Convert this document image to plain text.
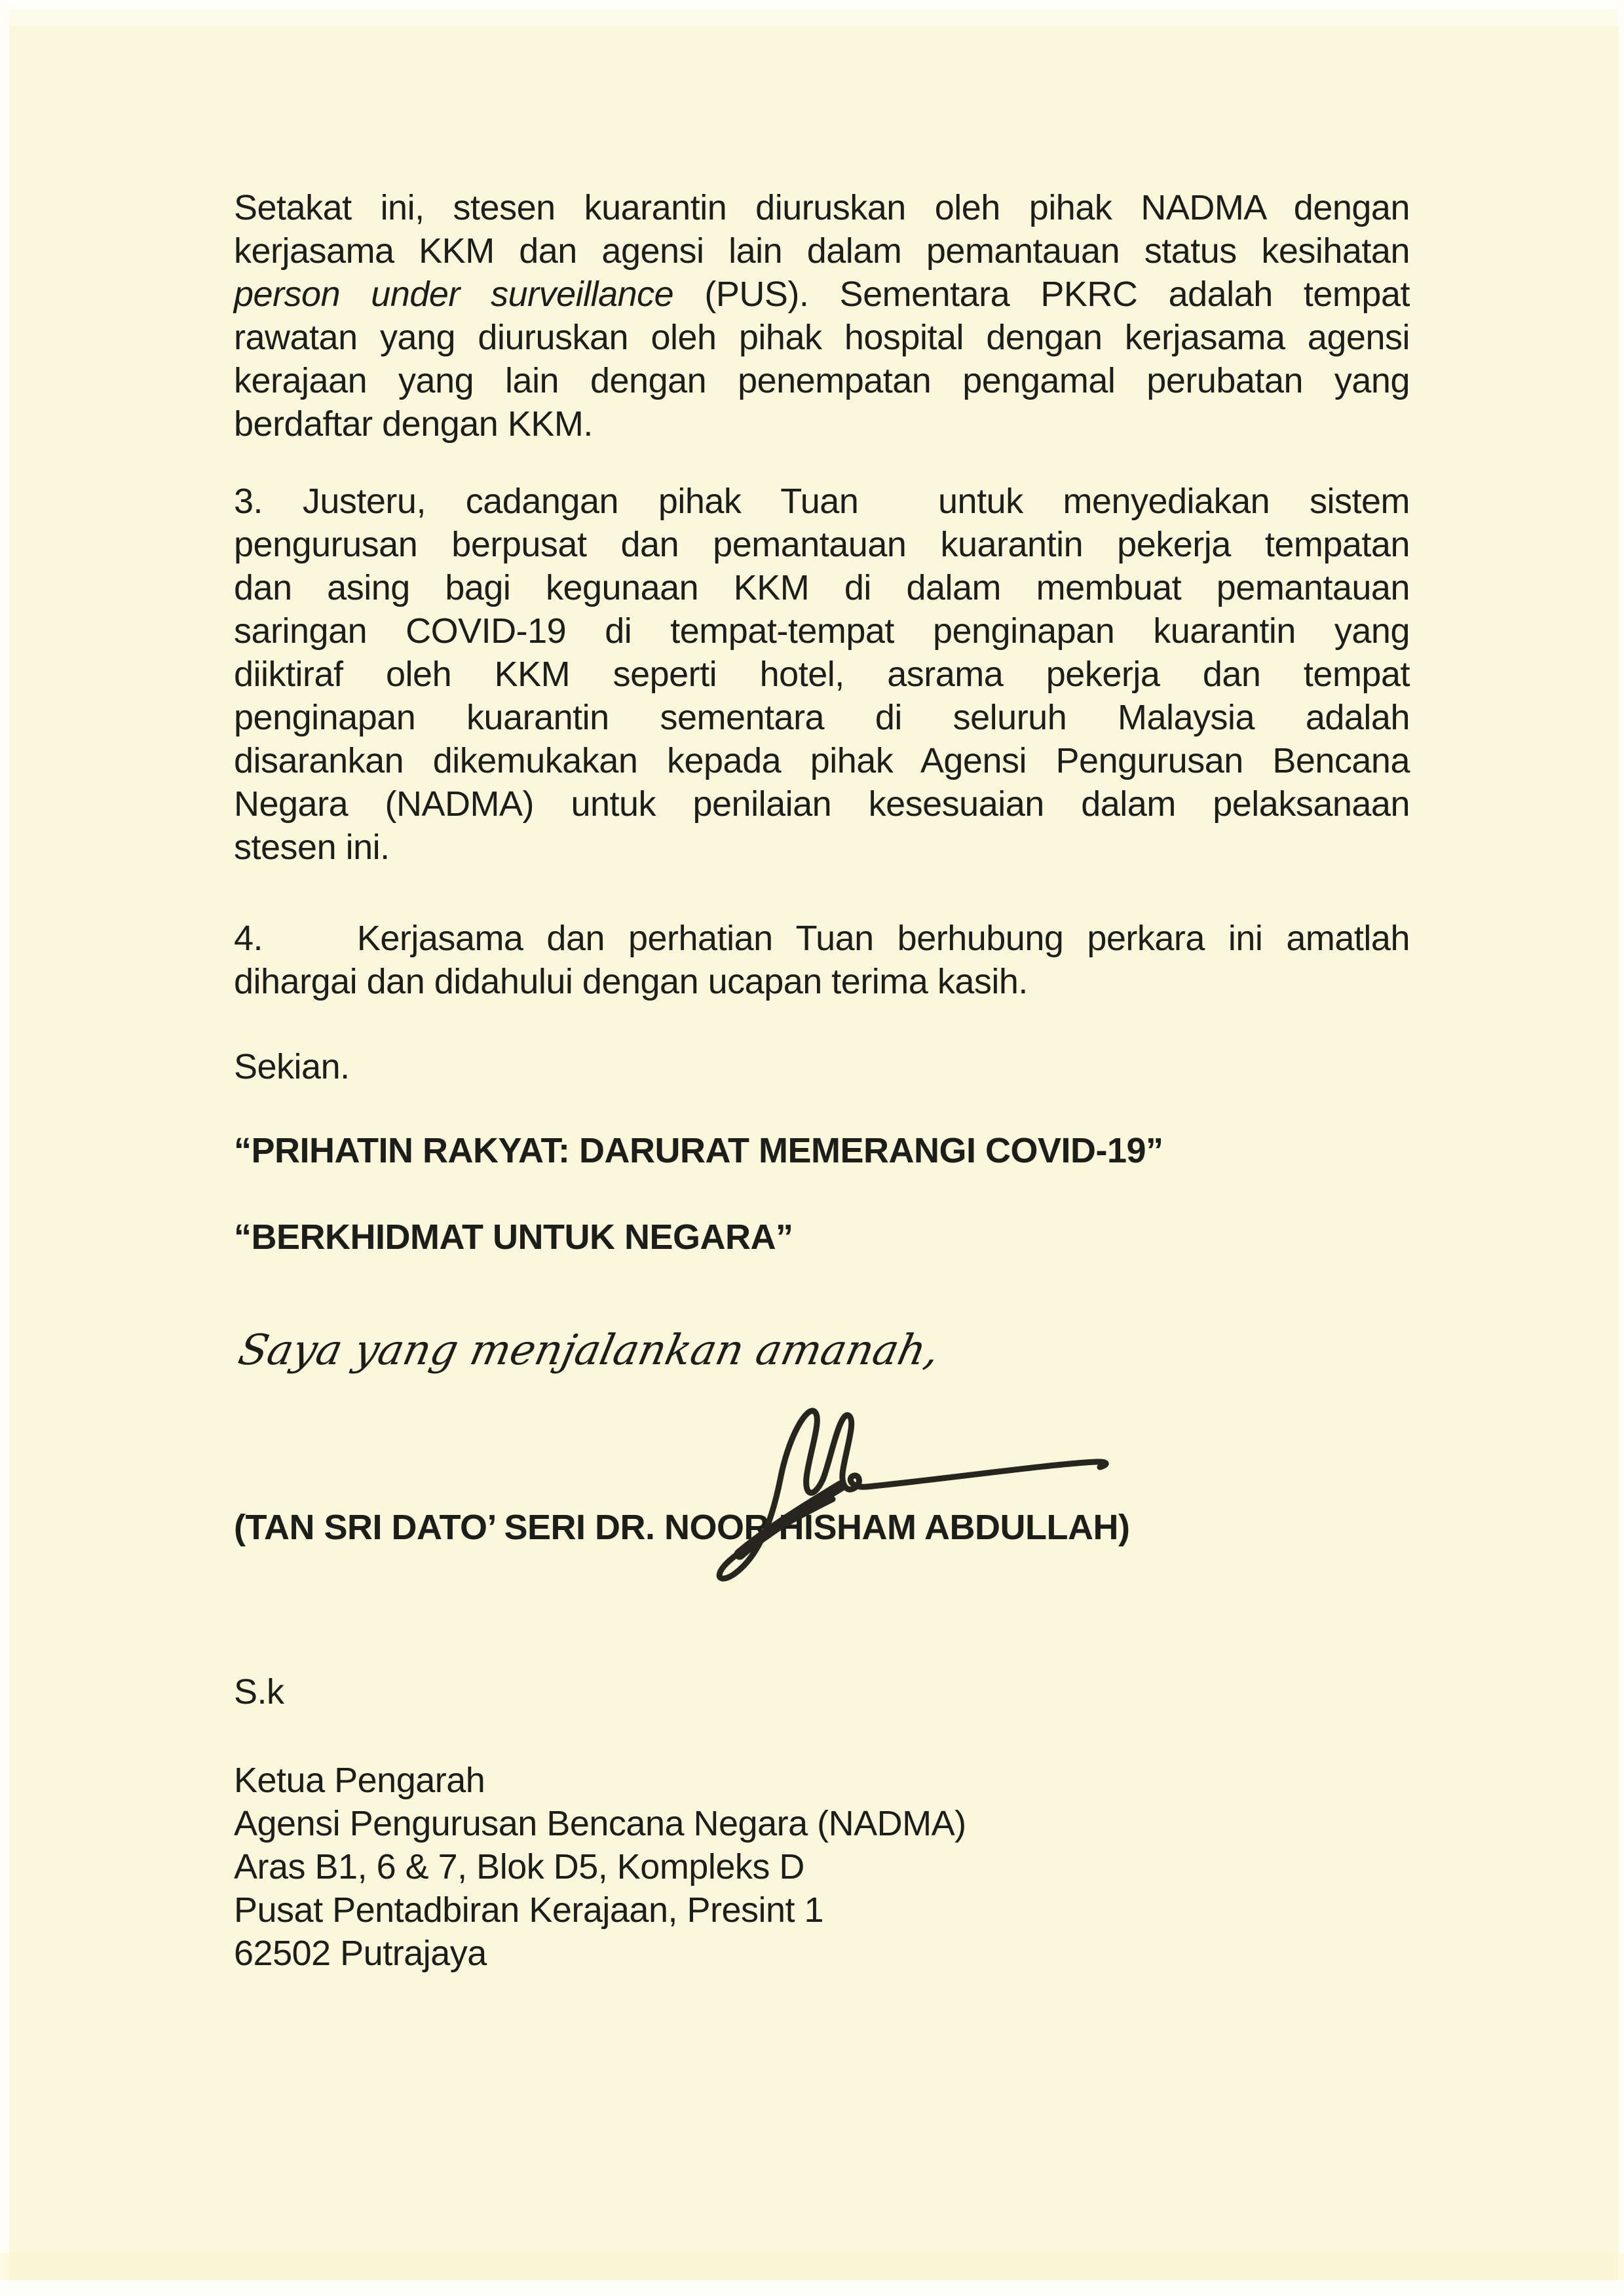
Setakat ini, stesen kuarantin diuruskan oleh pihak NADMA dengan
kerjasama KKM dan agensi lain dalam pemantauan status kesihatan
person under surveillance (PUS). Sementara PKRC adalah tempat
rawatan yang diuruskan oleh pihak hospital dengan kerjasama agensi
kerajaan yang lain dengan penempatan pengamal perubatan yang
berdaftar dengan KKM.
3. Justeru, cadangan pihak Tuan  untuk menyediakan sistem
pengurusan berpusat dan pemantauan kuarantin pekerja tempatan
dan asing bagi kegunaan KKM di dalam membuat pemantauan
saringan COVID-19 di tempat-tempat penginapan kuarantin yang
diiktiraf oleh KKM seperti hotel, asrama pekerja dan tempat
penginapan kuarantin sementara di seluruh Malaysia adalah
disarankan dikemukakan kepada pihak Agensi Pengurusan Bencana
Negara (NADMA) untuk penilaian kesesuaian dalam pelaksanaan
stesen ini.
4.    Kerjasama dan perhatian Tuan berhubung perkara ini amatlah
dihargai dan didahului dengan ucapan terima kasih.
Sekian.
“PRIHATIN RAKYAT: DARURAT MEMERANGI COVID-19”
“BERKHIDMAT UNTUK NEGARA”
Saya yang menjalankan amanah,
(TAN SRI DATO’ SERI DR. NOOR HISHAM ABDULLAH)
S.k
Ketua Pengarah
Agensi Pengurusan Bencana Negara (NADMA)
Aras B1, 6 & 7, Blok D5, Kompleks D
Pusat Pentadbiran Kerajaan, Presint 1
62502 Putrajaya
